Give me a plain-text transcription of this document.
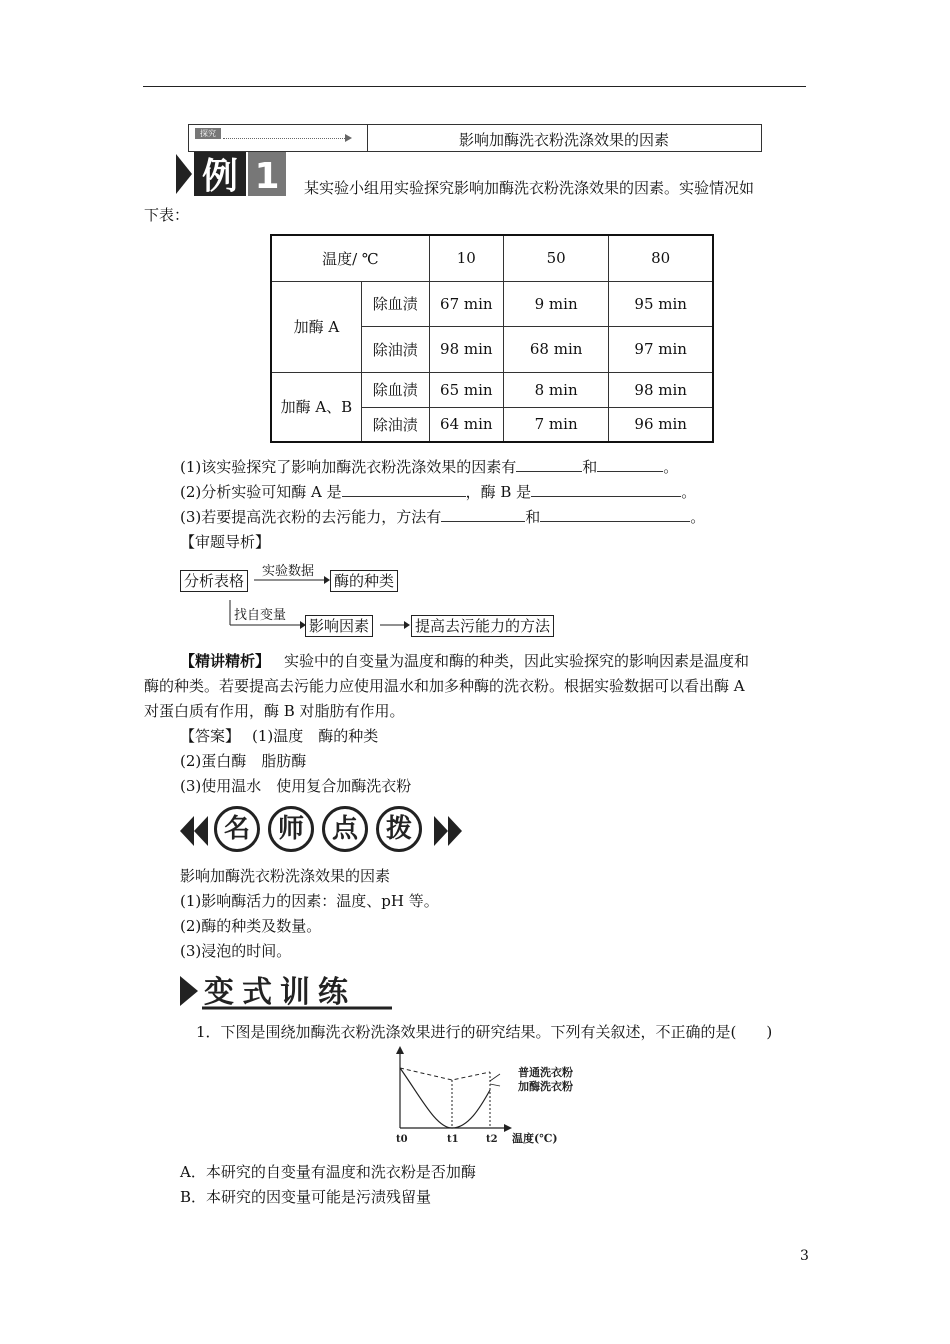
探究	影响加酶洗衣粉洗涤效果的因素
例 1 某实验小组用实验探究影响加酶洗衣粉洗涤效果的因素。实验情况如
下表：
温度/ ℃		10	50	80
加酶 A	除血渍	67 min	9 min	95 min
	除油渍	98 min	68 min	97 min
加酶 A、B	除血渍	65 min	8 min	98 min
	除油渍	64 min	7 min	96 min
(1)该实验探究了影响加酶洗衣粉洗涤效果的因素有	和	。
(2)分析实验可知酶 A 是	，酶 B 是	。
(3)若要提高洗衣粉的去污能力，方法有	和	。
【审题导析】
分析表格
实验数据
酶的种类
找自变量
影响因素	提高去污能力的方法
【精讲精析】 实验中的自变量为温度和酶的种类，因此实验探究的影响因素是温度和
酶的种类。若要提高去污能力应使用温水和加多种酶的洗衣粉。根据实验数据可以看出酶 A
对蛋白质有作用，酶 B 对脂肪有作用。
【答案】 (1)温度　酶的种类
(2)蛋白酶　脂肪酶
(3)使用温水　使用复合加酶洗衣粉
名	师	点	拨
影响加酶洗衣粉洗涤效果的因素
(1)影响酶活力的因素：温度、pH 等。
(2)酶的种类及数量。
(3)浸泡的时间。
变式训练
1．下图是围绕加酶洗衣粉洗涤效果进行的研究结果。下列有关叙述，不正确的是(　　)
普通洗衣粉
加酶洗衣粉
t0	t1	t2 温度(℃)
A．本研究的自变量有温度和洗衣粉是否加酶
B．本研究的因变量可能是污渍残留量
3
